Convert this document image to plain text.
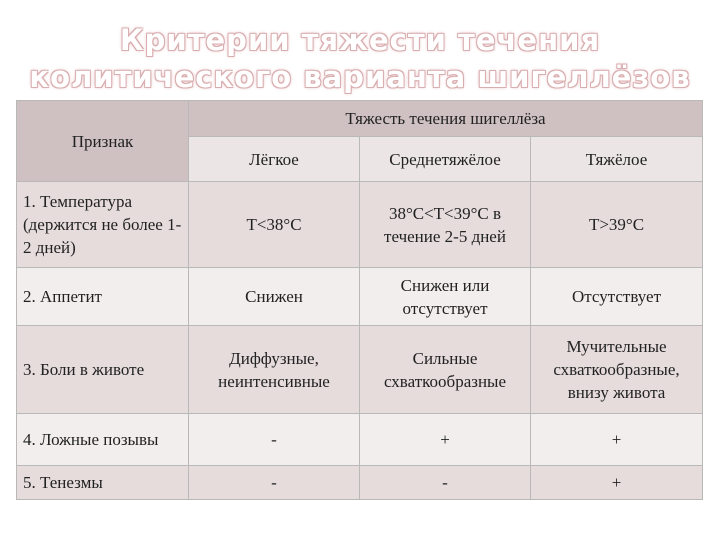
Критерии тяжести течения
колитического варианта шигеллёзов
Признак	Тяжесть течения шигеллёза		
	Лёгкое	Среднетяжёлое	Тяжёлое
1. Температура (держится не более 1-2 дней)	T<38°C	38°C<T<39°C в течение 2-5 дней	T>39°C
2. Аппетит	Снижен	Снижен или отсутствует	Отсутствует
3. Боли в животе	Диффузные, неинтенсивные	Сильные схваткообразные	Мучительные схваткообразные, внизу живота
4. Ложные позывы	-	+	+
5. Тенезмы	-	-	+
